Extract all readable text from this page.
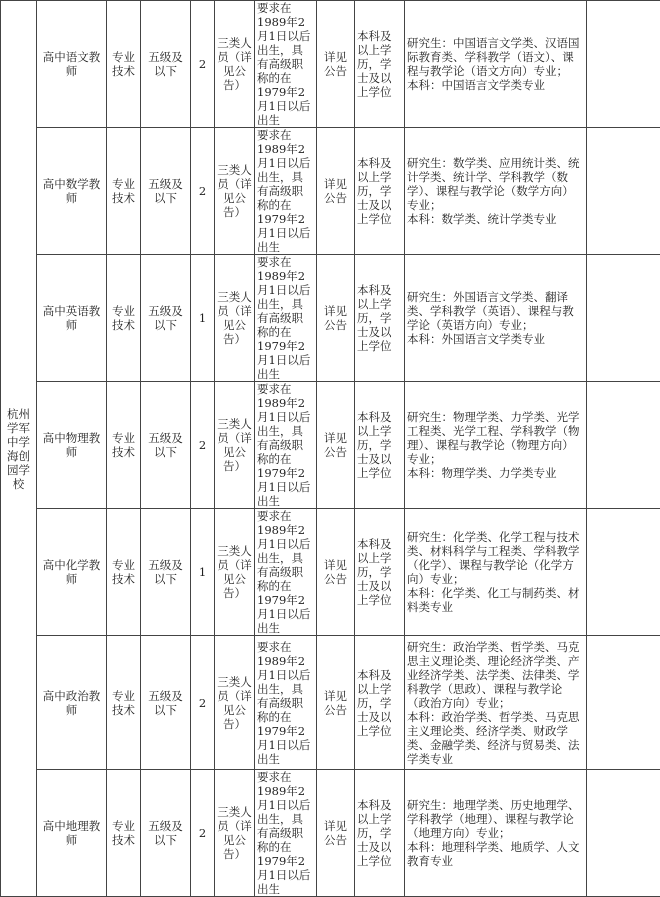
杭州学军中学海创园学校	高中语文教师	专业技术	五级及以下	2	三类人员（详见公告）	要求在1989年2月1日以后出生，具有高级职称的在1979年2月1日以后出生	详见公告	本科及以上学历，学士及以上学位	研究生：中国语言文学类、汉语国际教育类、学科教学（语文）、课程与教学论（语文方向）专业；
本科：中国语言文学类专业	
	高中数学教师	专业技术	五级及以下	2	三类人员（详见公告）	要求在1989年2月1日以后出生，具有高级职称的在1979年2月1日以后出生	详见公告	本科及以上学历，学士及以上学位	研究生：数学类、应用统计类、统计学类、统计学、学科教学（数学）、课程与教学论（数学方向）专业；
本科：数学类、统计学类专业	
	高中英语教师	专业技术	五级及以下	1	三类人员（详见公告）	要求在1989年2月1日以后出生，具有高级职称的在1979年2月1日以后出生	详见公告	本科及以上学历，学士及以上学位	研究生：外国语言文学类、翻译类、学科教学（英语）、课程与教学论（英语方向）专业；
本科：外国语言文学类专业	
	高中物理教师	专业技术	五级及以下	2	三类人员（详见公告）	要求在1989年2月1日以后出生，具有高级职称的在1979年2月1日以后出生	详见公告	本科及以上学历，学士及以上学位	研究生：物理学类、力学类、光学工程类、光学工程、学科教学（物理）、课程与教学论（物理方向）专业；
本科：物理学类、力学类专业	
	高中化学教师	专业技术	五级及以下	1	三类人员（详见公告）	要求在1989年2月1日以后出生，具有高级职称的在1979年2月1日以后出生	详见公告	本科及以上学历，学士及以上学位	研究生：化学类、化学工程与技术类、材料科学与工程类、学科教学（化学）、课程与教学论（化学方向）专业；
本科：化学类、化工与制药类、材料类专业	
	高中政治教师	专业技术	五级及以下	2	三类人员（详见公告）	要求在1989年2月1日以后出生，具有高级职称的在1979年2月1日以后出生	详见公告	本科及以上学历，学士及以上学位	研究生：政治学类、哲学类、马克思主义理论类、理论经济学类、产业经济学类、法学类、法律类、学科教学（思政）、课程与教学论（政治方向）专业；
本科：政治学类、哲学类、马克思主义理论类、经济学类、财政学类、金融学类、经济与贸易类、法学类专业	
	高中地理教师	专业技术	五级及以下	2	三类人员（详见公告）	要求在1989年2月1日以后出生，具有高级职称的在1979年2月1日以后出生	详见公告	本科及以上学历，学士及以上学位	研究生：地理学类、历史地理学、学科教学（地理）、课程与教学论（地理方向）专业；
本科：地理科学类、地质学、人文教育专业	
